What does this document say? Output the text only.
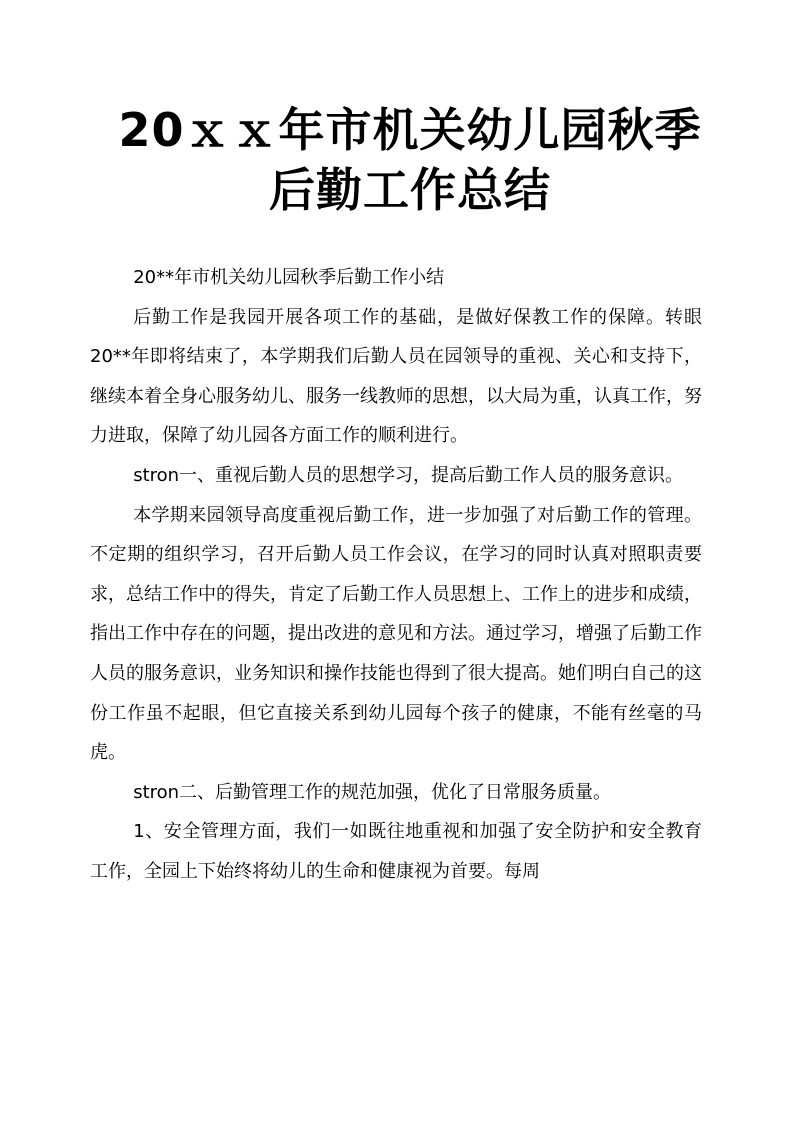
20ｘｘ年市机关幼儿园秋季
后勤工作总结

20**年市机关幼儿园秋季后勤工作小结

后勤工作是我园开展各项工作的基础，是做好保教工作的保障。转眼20**年即将结束了，本学期我们后勤人员在园领导的重视、关心和支持下，继续本着全身心服务幼儿、服务一线教师的思想，以大局为重，认真工作，努力进取，保障了幼儿园各方面工作的顺利进行。

stron一、重视后勤人员的思想学习，提高后勤工作人员的服务意识。

本学期来园领导高度重视后勤工作，进一步加强了对后勤工作的管理。不定期的组织学习，召开后勤人员工作会议，在学习的同时认真对照职责要求，总结工作中的得失，肯定了后勤工作人员思想上、工作上的进步和成绩，指出工作中存在的问题，提出改进的意见和方法。通过学习，增强了后勤工作人员的服务意识，业务知识和操作技能也得到了很大提高。她们明白自己的这份工作虽不起眼，但它直接关系到幼儿园每个孩子的健康，不能有丝毫的马虎。

stron二、后勤管理工作的规范加强，优化了日常服务质量。

1、安全管理方面，我们一如既往地重视和加强了安全防护和安全教育工作，全园上下始终将幼儿的生命和健康视为首要。每周
